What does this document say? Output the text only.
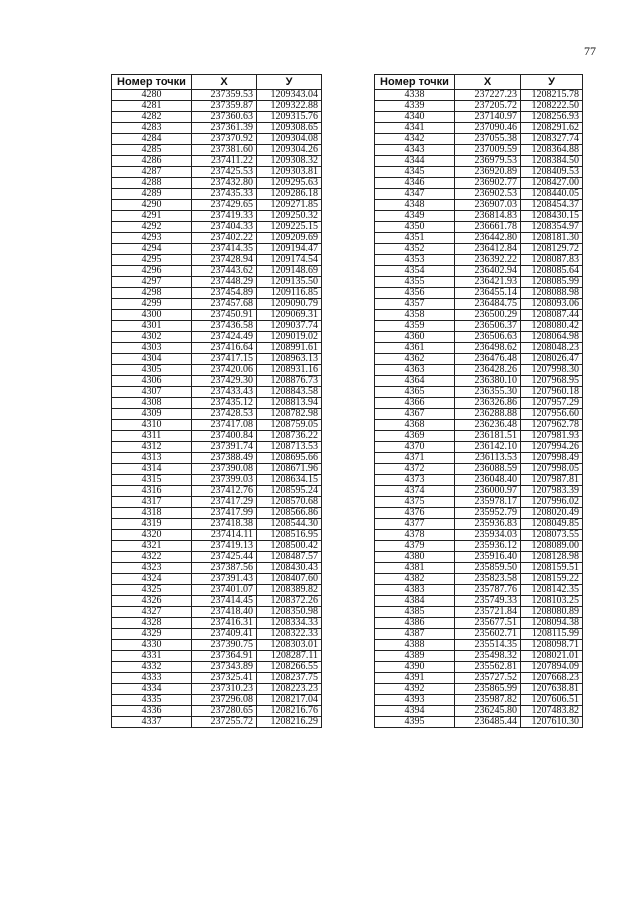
77
Номер точки	X	У
4280	237359.53	1209343.04
4281	237359.87	1209322.88
4282	237360.63	1209315.76
4283	237361.39	1209308.65
4284	237370.92	1209304.08
4285	237381.60	1209304.26
4286	237411.22	1209308.32
4287	237425.53	1209303.81
4288	237432.80	1209295.63
4289	237435.33	1209286.18
4290	237429.65	1209271.85
4291	237419.33	1209250.32
4292	237404.33	1209225.15
4293	237402.22	1209209.69
4294	237414.35	1209194.47
4295	237428.94	1209174.54
4296	237443.62	1209148.69
4297	237448.29	1209135.50
4298	237454.89	1209116.85
4299	237457.68	1209090.79
4300	237450.91	1209069.31
4301	237436.58	1209037.74
4302	237424.49	1209019.02
4303	237416.64	1208991.61
4304	237417.15	1208963.13
4305	237420.06	1208931.16
4306	237429.30	1208876.73
4307	237433.43	1208843.58
4308	237435.12	1208813.94
4309	237428.53	1208782.98
4310	237417.08	1208759.05
4311	237400.84	1208736.22
4312	237391.74	1208713.53
4313	237388.49	1208695.66
4314	237390.08	1208671.96
4315	237399.03	1208634.15
4316	237412.76	1208595.24
4317	237417.29	1208570.68
4318	237417.99	1208566.86
4319	237418.38	1208544.30
4320	237414.11	1208516.95
4321	237419.13	1208500.42
4322	237425.44	1208487.57
4323	237387.56	1208430.43
4324	237391.43	1208407.60
4325	237401.07	1208389.82
4326	237414.45	1208372.26
4327	237418.40	1208350.98
4328	237416.31	1208334.33
4329	237409.41	1208322.33
4330	237390.75	1208303.01
4331	237364.91	1208287.11
4332	237343.89	1208266.55
4333	237325.41	1208237.75
4334	237310.23	1208223.23
4335	237296.08	1208217.04
4336	237280.65	1208216.76
4337	237255.72	1208216.29
Номер точки	X	У
4338	237227.23	1208215.78
4339	237205.72	1208222.50
4340	237140.97	1208256.93
4341	237090.46	1208291.62
4342	237055.38	1208327.74
4343	237009.59	1208364.88
4344	236979.53	1208384.50
4345	236920.89	1208409.53
4346	236902.77	1208427.00
4347	236902.53	1208440.05
4348	236907.03	1208454.37
4349	236814.83	1208430.15
4350	236661.78	1208354.97
4351	236442.80	1208181.30
4352	236412.84	1208129.72
4353	236392.22	1208087.83
4354	236402.94	1208085.64
4355	236421.93	1208085.99
4356	236455.14	1208088.98
4357	236484.75	1208093.06
4358	236500.29	1208087.44
4359	236506.37	1208080.42
4360	236506.63	1208064.98
4361	236498.62	1208048.23
4362	236476.48	1208026.47
4363	236428.26	1207998.30
4364	236380.10	1207968.95
4365	236355.30	1207960.18
4366	236326.86	1207957.29
4367	236288.88	1207956.60
4368	236236.48	1207962.78
4369	236181.51	1207981.93
4370	236142.10	1207994.26
4371	236113.53	1207998.49
4372	236088.59	1207998.05
4373	236048.40	1207987.81
4374	236000.97	1207983.39
4375	235978.17	1207996.02
4376	235952.79	1208020.49
4377	235936.83	1208049.85
4378	235934.03	1208073.55
4379	235936.12	1208089.00
4380	235916.40	1208128.98
4381	235859.50	1208159.51
4382	235823.58	1208159.22
4383	235787.76	1208142.35
4384	235749.33	1208103.25
4385	235721.84	1208080.89
4386	235677.51	1208094.38
4387	235602.71	1208115.99
4388	235514.35	1208098.71
4389	235498.32	1208021.01
4390	235562.81	1207894.09
4391	235727.52	1207668.23
4392	235865.99	1207638.81
4393	235987.82	1207606.51
4394	236245.80	1207483.82
4395	236485.44	1207610.30
